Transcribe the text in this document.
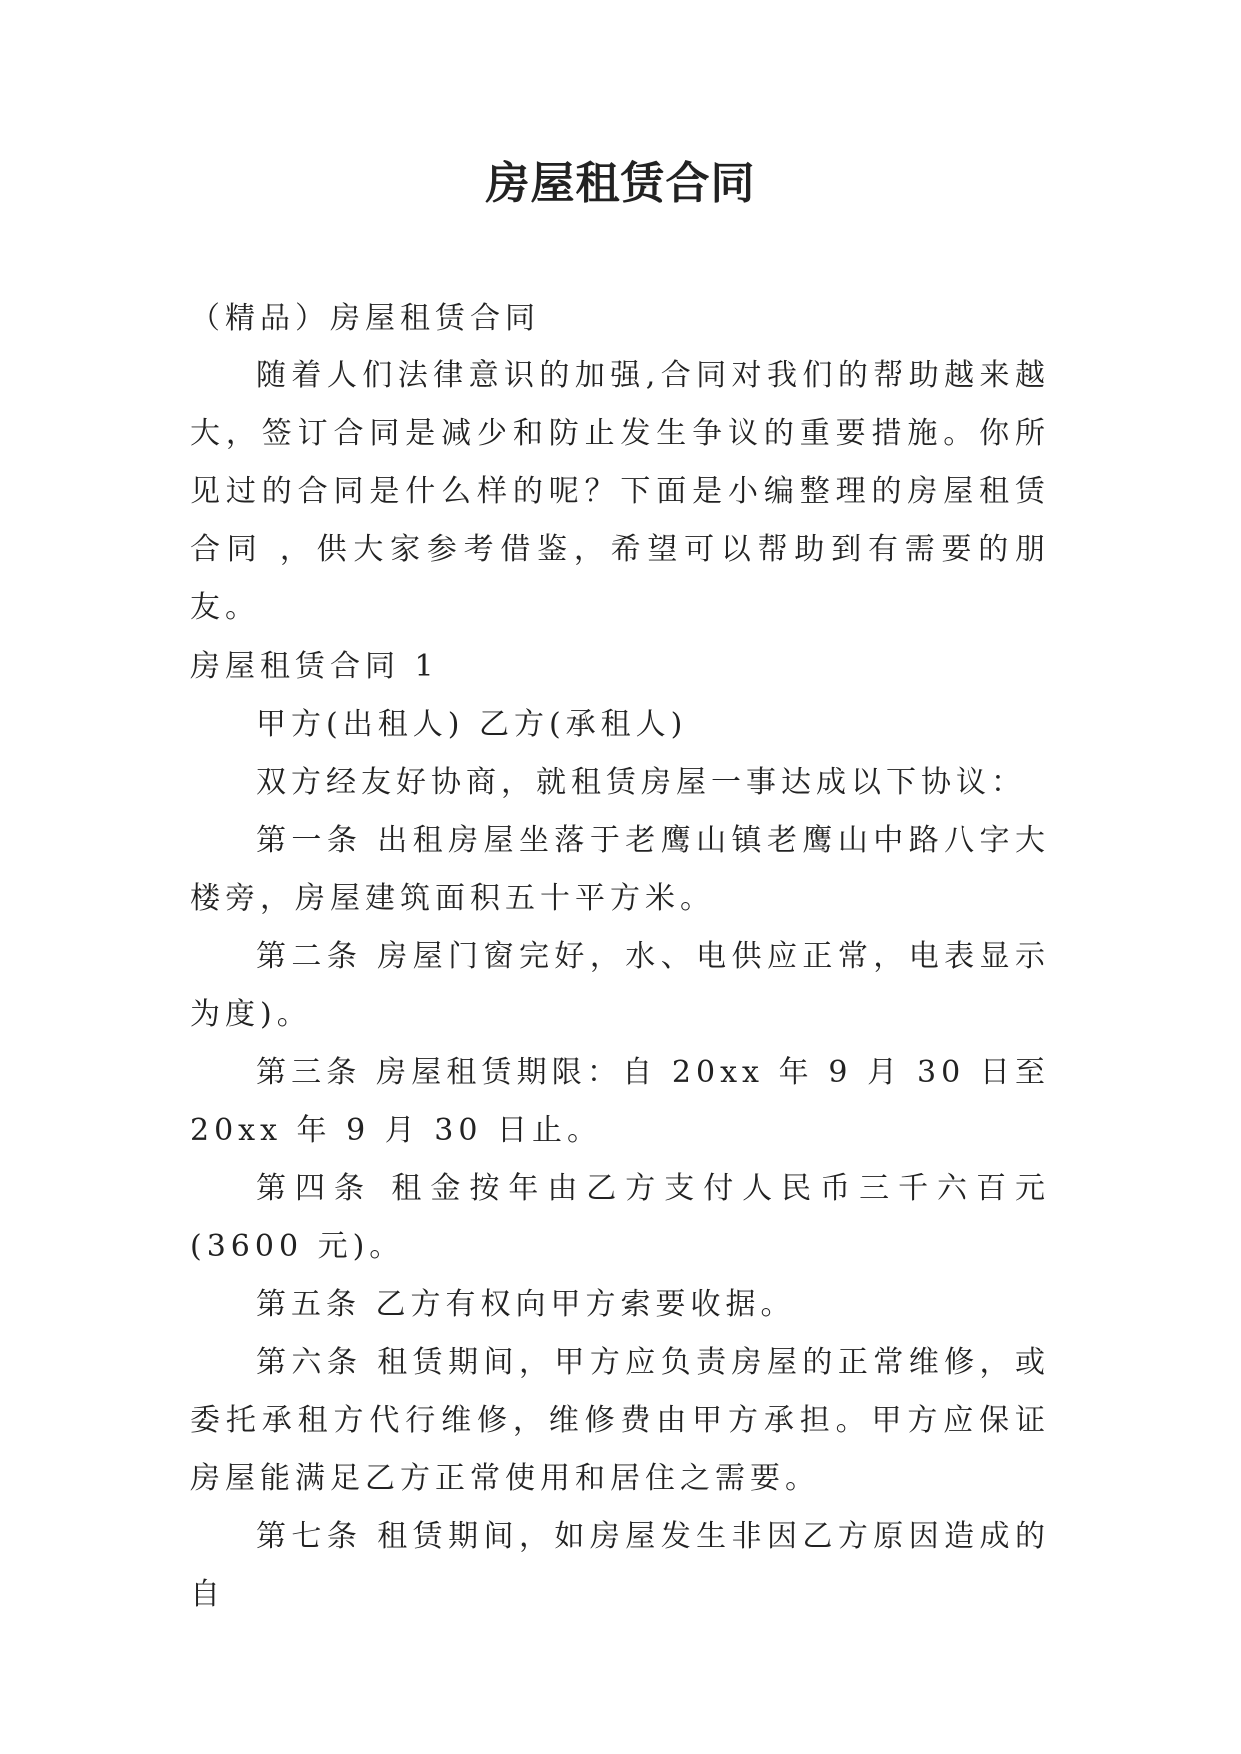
房屋租赁合同

（精品）房屋租赁合同

随着人们法律意识的加强,合同对我们的帮助越来越大，签订合同是减少和防止发生争议的重要措施。你所见过的合同是什么样的呢？下面是小编整理的房屋租赁合同 ，供大家参考借鉴，希望可以帮助到有需要的朋友。

房屋租赁合同 1

甲方(出租人) 乙方(承租人)

双方经友好协商，就租赁房屋一事达成以下协议：

第一条 出租房屋坐落于老鹰山镇老鹰山中路八字大楼旁，房屋建筑面积五十平方米。

第二条 房屋门窗完好，水、电供应正常，电表显示为度)。

第三条 房屋租赁期限：自 20xx 年 9 月 30 日至 20xx 年 9 月 30 日止。

第四条 租金按年由乙方支付人民币三千六百元(3600 元)。

第五条 乙方有权向甲方索要收据。

第六条 租赁期间，甲方应负责房屋的正常维修，或委托承租方代行维修，维修费由甲方承担。甲方应保证房屋能满足乙方正常使用和居住之需要。

第七条 租赁期间，如房屋发生非因乙方原因造成的自
